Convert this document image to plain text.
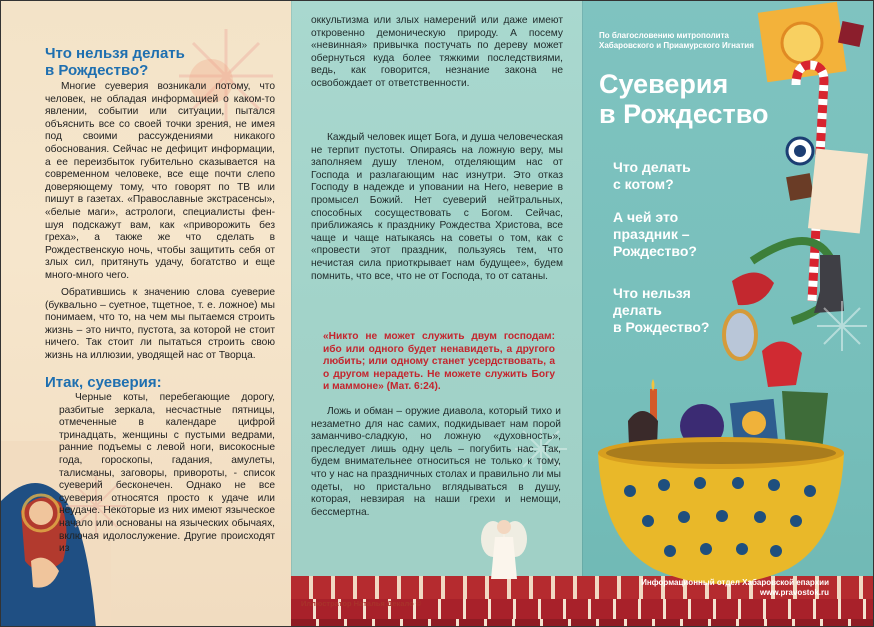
Что нельзя делать
в Рождество?

Многие суеверия возникали потому, что человек, не обладая информацией о каком-то явлении, событии или ситуации, пытался объяснить все со своей точки зрения, не имея под своими рассуждениями никакого обоснования. Сейчас не дефицит информации, а ее переизбыток губительно сказывается на современном человеке, все еще почти слепо доверяющему тому, что говорят по ТВ или пишут в газетах. «Православные экстрасенсы», «белые маги», астрологи, специалисты фен-шуя подскажут вам, как «приворожить без греха», а также же что сделать в Рождественскую ночь, чтобы защитить себя от злых сил, притянуть удачу, богатство и еще много-много чего.

Обратившись к значению слова суеверие (буквально – суетное, тщетное, т. е. ложное) мы понимаем, что то, на чем мы пытаемся строить жизнь – это ничто, пустота, за которой не стоит ничего. Так стоит ли пытаться строить свою жизнь на иллюзии, уводящей нас от Творца.

Итак, суеверия:

Черные коты, перебегающие дорогу, разбитые зеркала, несчастные пятницы, отмеченные в календаре цифрой тринадцать, женщины с пустыми ведрами, ранние подъемы с левой ноги, високосные года, гороскопы, гадания, амулеты, талисманы, заговоры, привороты, - список суеверий бесконечен. Однако не все суеверия относятся просто к удаче или неудаче. Некоторые из них имеют языческое начало или основаны на языческих обычаях, включая идолослужение. Другие происходят из

оккультизма или злых намерений или даже имеют откровенно демоническую природу. А посему «невинная» привычка постучать по дереву может обернуться куда более тяжкими последствиями, ведь, как говорится, незнание закона не освобождает от ответственности.

Каждый человек ищет Бога, и душа человеческая не терпит пустоты. Опираясь на ложную веру, мы заполняем душу тленом, отделяющим нас от Господа и разлагающим нас изнутри. Это отказ Господу в надежде и уповании на Него, неверие в промысел Божий. Нет суеверий нейтральных, способных сосуществовать с Богом. Сейчас, приближаясь к празднику Рождества Христова, все чаще и чаще натыкаясь на советы о том, как с «провести этот праздник, пользуясь тем, что нечистая сила приоткрывает нам будущее», будем помнить, что все, что не от Господа, то от сатаны.

«Никто не может служить двум господам: ибо или одного будет ненавидеть, а другого любить; или одному станет усердствовать, а о другом нерадеть. Не можете служить Богу и маммоне» (Мат. 6:24).

Ложь и обман – оружие диавола, который тихо и незаметно для нас самих, подкидывает нам порой заманчиво-сладкую, но ложную «духовность», преследует лишь одну цель – погубить нас. Так, будем внимательнее относиться не только к тому, что у нас на праздничных столах и правильно ли мы одеты, но пристально вглядываться в душу, которая, невзирая на наши грехи и немощи, бессмертна.

Иллюстратор Наталья Декало ©
По благословению митрополита
Хабаровского и Приамурского Игнатия
Суеверия
в Рождество
Что делать
с котом?
А чей это
праздник –
Рождество?
Что нельзя
делать
в Рождество?
Информационный отдел Хабаровской епархии
www.pravostok.ru
